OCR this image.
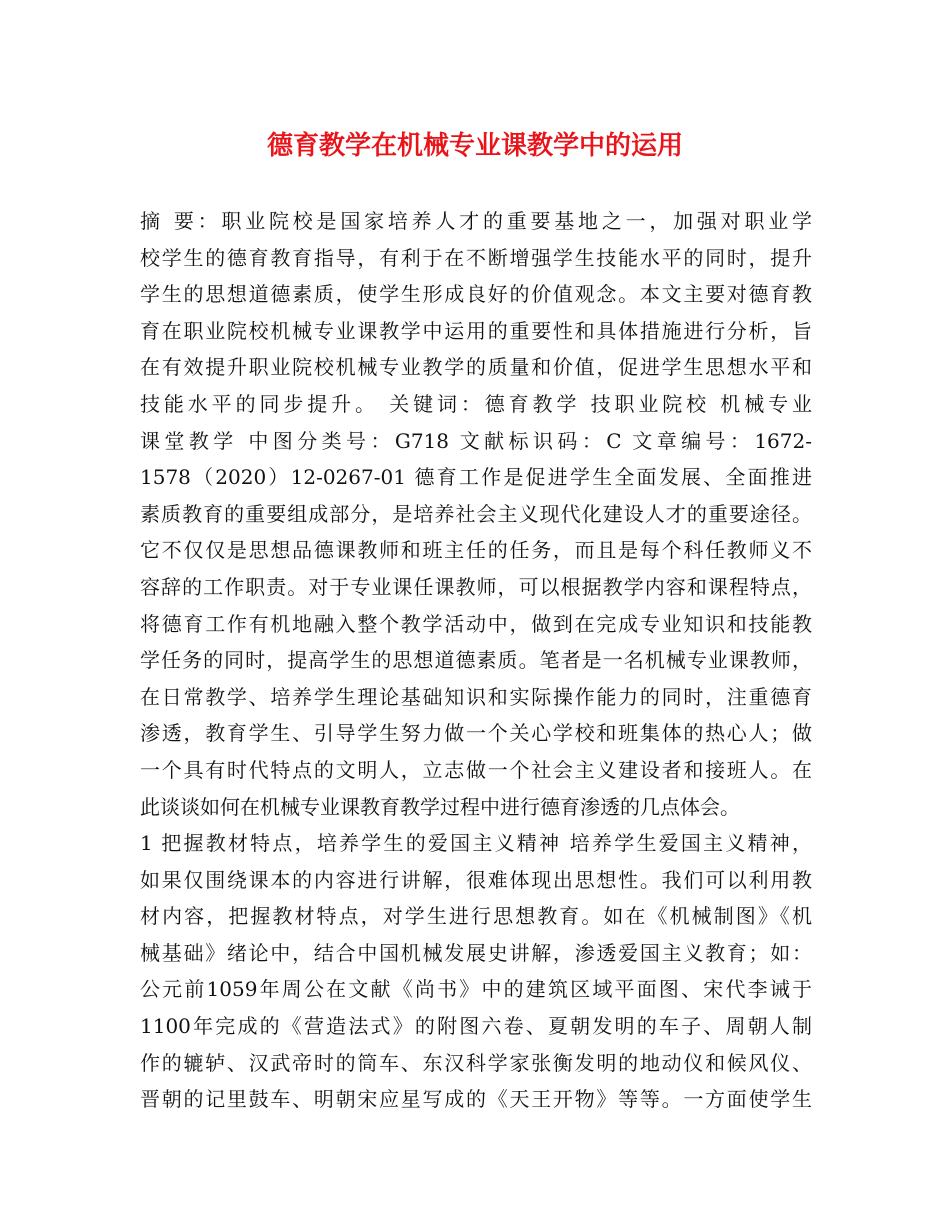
德育教学在机械专业课教学中的运用
摘 要：职业院校是国家培养人才的重要基地之一，加强对职业学
校学生的德育教育指导，有利于在不断增强学生技能水平的同时，提升
学生的思想道德素质，使学生形成良好的价值观念。本文主要对德育教
育在职业院校机械专业课教学中运用的重要性和具体措施进行分析，旨
在有效提升职业院校机械专业教学的质量和价值，促进学生思想水平和
技能水平的同步提升。 关键词：德育教学 技职业院校 机械专业
课堂教学 中图分类号：G718 文献标识码：C 文章编号：1672-
1578（2020）12-0267-01 德育工作是促进学生全面发展、全面推进
素质教育的重要组成部分，是培养社会主义现代化建设人才的重要途径。
它不仅仅是思想品德课教师和班主任的任务，而且是每个科任教师义不
容辞的工作职责。对于专业课任课教师，可以根据教学内容和课程特点，
将德育工作有机地融入整个教学活动中，做到在完成专业知识和技能教
学任务的同时，提高学生的思想道德素质。笔者是一名机械专业课教师，
在日常教学、培养学生理论基础知识和实际操作能力的同时，注重德育
渗透，教育学生、引导学生努力做一个关心学校和班集体的热心人；做
一个具有时代特点的文明人，立志做一个社会主义建设者和接班人。在
此谈谈如何在机械专业课教育教学过程中进行德育渗透的几点体会。
1 把握教材特点，培养学生的爱国主义精神 培养学生爱国主义精神，
如果仅围绕课本的内容进行讲解，很难体现出思想性。我们可以利用教
材内容，把握教材特点，对学生进行思想教育。如在《机械制图》《机
械基础》绪论中，结合中国机械发展史讲解，渗透爱国主义教育；如：
公元前1059年周公在文献《尚书》中的建筑区域平面图、宋代李诫于
1100年完成的《营造法式》的附图六卷、夏朝发明的车子、周朝人制
作的辘轳、汉武帝时的筒车、东汉科学家张衡发明的地动仪和候风仪、
晋朝的记里鼓车、明朝宋应星写成的《天王开物》等等。一方面使学生
